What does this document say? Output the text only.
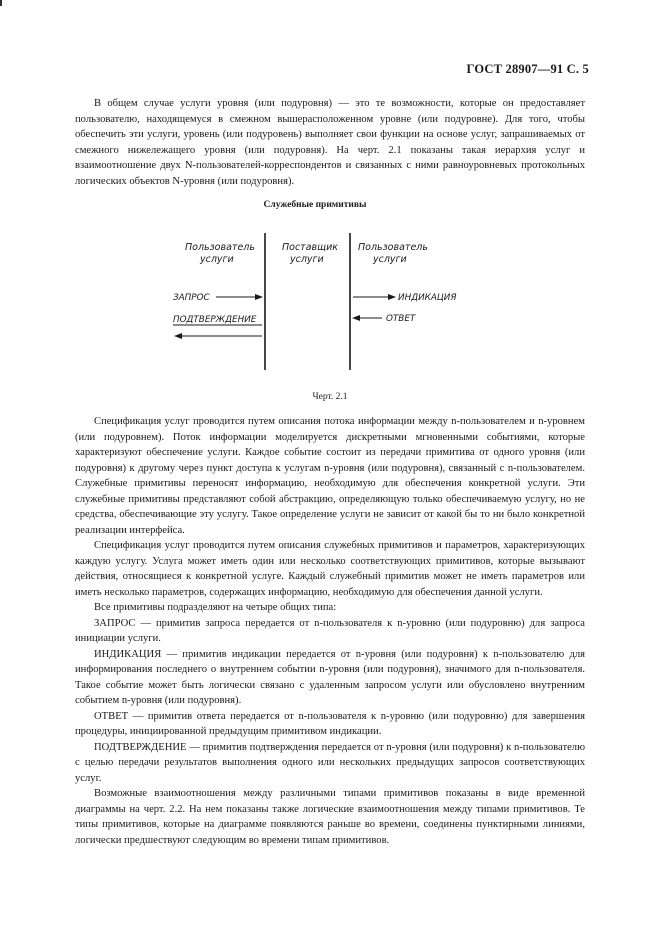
ГОСТ 28907—91 С. 5

В общем случае услуги уровня (или подуровня) — это те возможности, которые он предоставляет пользователю, находящемуся в смежном вышерасположенном уровне (или подуровне). Для того, чтобы обеспечить эти услуги, уровень (или подуровень) выполняет свои функции на основе услуг, запрашиваемых от смежного нижележащего уровня (или подуровня). На черт. 2.1 показаны такая иерархия услуг и взаимоотношение двух N-пользователей-корреспондентов и связанных с ними равноуровневых протокольных логических объектов N-уровня (или подуровня).

Служебные примитивы
Пользователь
услуги
Поставщик
услуги
Пользователь
услуги
ЗАПРОС
ПОДТВЕРЖДЕНИЕ
ИНДИКАЦИЯ
ОТВЕТ
Черт. 2.1

Спецификация услуг проводится путем описания потока информации между n-пользователем и n-уровнем (или подуровнем). Поток информации моделируется дискретными мгновенными событиями, которые характеризуют обеспечение услуги. Каждое событие состоит из передачи примитива от одного уровня (или подуровня) к другому через пункт доступа к услугам n-уровня (или подуровня), связанный с n-пользователем. Служебные примитивы переносят информацию, необходимую для обеспечения конкретной услуги. Эти служебные примитивы представляют собой абстракцию, определяющую только обеспечиваемую услугу, но не средства, обеспечивающие эту услугу. Такое определение услуги не зависит от какой бы то ни было конкретной реализации интерфейса.

Спецификация услуг проводится путем описания служебных примитивов и параметров, характеризующих каждую услугу. Услуга может иметь один или несколько соответствующих примитивов, которые вызывают действия, относящиеся к конкретной услуге. Каждый служебный примитив может не иметь параметров или иметь несколько параметров, содержащих информацию, необходимую для обеспечения данной услуги.

Все примитивы подразделяют на четыре общих типа:

ЗАПРОС — примитив запроса передается от n-пользователя к n-уровню (или подуровню) для запроса инициации услуги.

ИНДИКАЦИЯ — примитив индикации передается от n-уровня (или подуровня) к n-пользователю для информирования последнего о внутреннем событии n-уровня (или подуровня), значимого для n-пользователя. Такое событие может быть логически связано с удаленным запросом услуги или обусловлено внутренним событием n-уровня (или подуровня).

ОТВЕТ — примитив ответа передается от n-пользователя к n-уровню (или подуровню) для завершения процедуры, инициированной предыдущим примитивом индикации.

ПОДТВЕРЖДЕНИЕ — примитив подтверждения передается от n-уровня (или подуровня) к n-пользователю с целью передачи результатов выполнения одного или нескольких предыдущих запросов соответствующих услуг.

Возможные взаимоотношения между различными типами примитивов показаны в виде временной диаграммы на черт. 2.2. На нем показаны также логические взаимоотношения между типами примитивов. Те типы примитивов, которые на диаграмме появляются раньше во времени, соединены пунктирными линиями, логически предшествуют следующим во времени типам примитивов.
